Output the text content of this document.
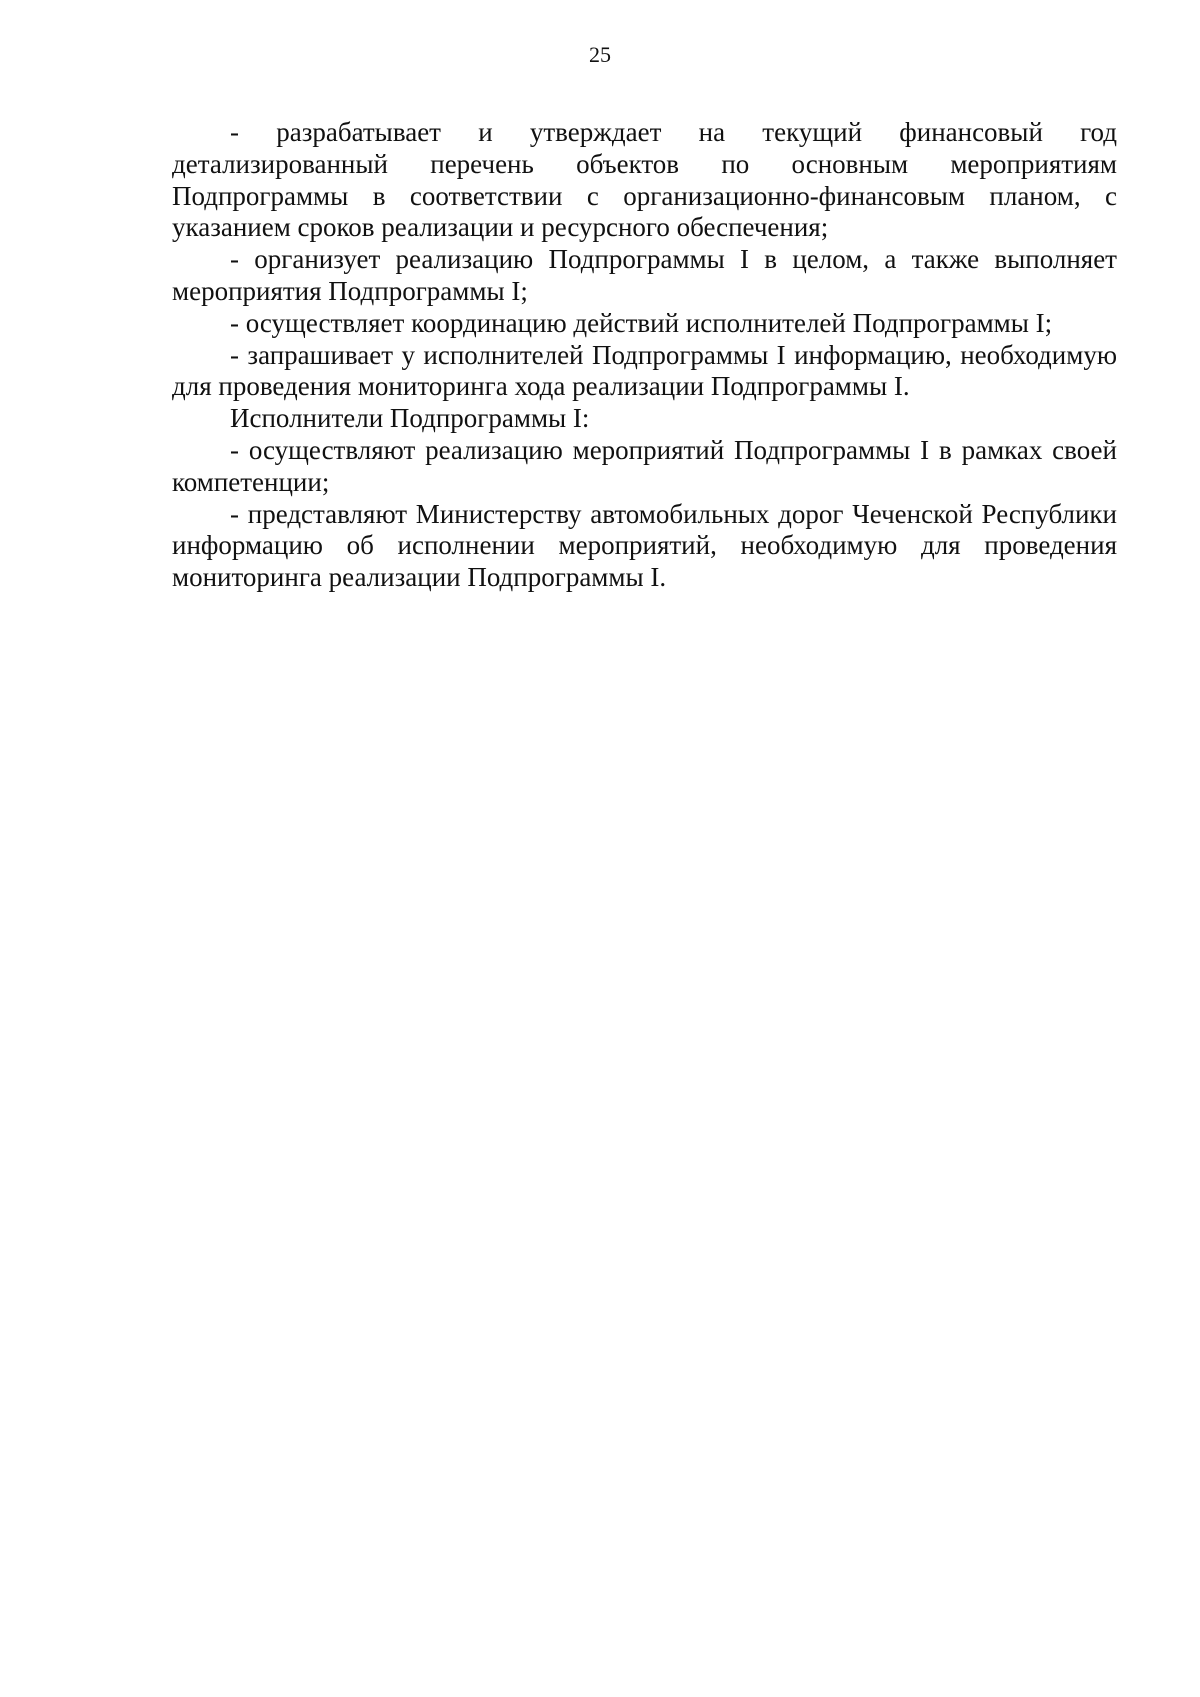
25

- разрабатывает и утверждает на текущий финансовый год детализированный перечень объектов по основным мероприятиям Подпрограммы в соответствии с организационно-финансовым планом, с указанием сроков реализации и ресурсного обеспечения;

- организует реализацию Подпрограммы I в целом, а также выполняет мероприятия Подпрограммы I;

- осуществляет координацию действий исполнителей Подпрограммы I;

- запрашивает у исполнителей Подпрограммы I информацию, необходимую для проведения мониторинга хода реализации Подпрограммы I.

Исполнители Подпрограммы I:

- осуществляют реализацию мероприятий Подпрограммы I в рамках своей компетенции;

- представляют Министерству автомобильных дорог Чеченской Республики информацию об исполнении мероприятий, необходимую для проведения мониторинга реализации Подпрограммы I.
